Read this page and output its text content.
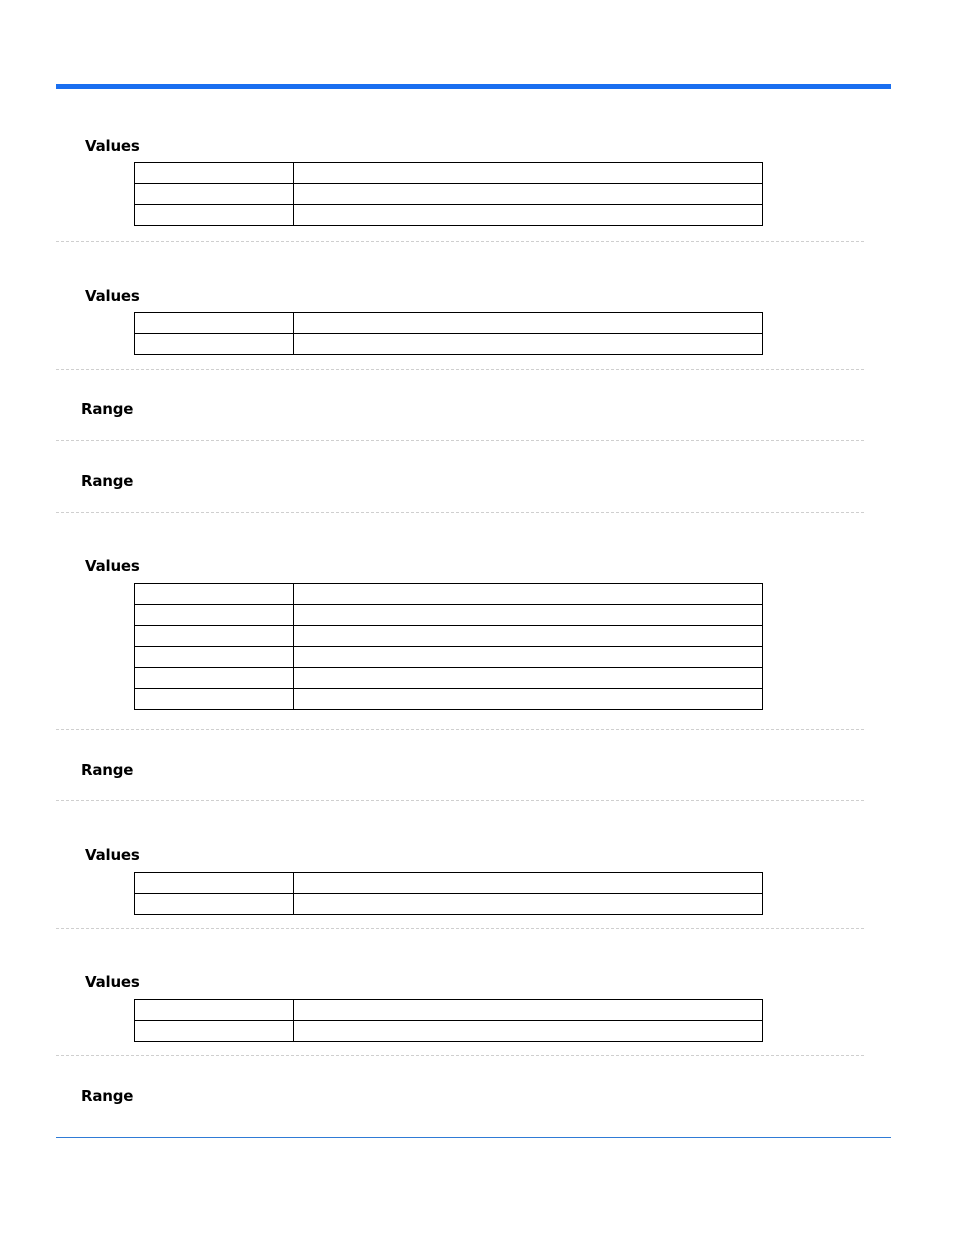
Values

Values

Range
Range
Values

Range
Values

Values

Range
